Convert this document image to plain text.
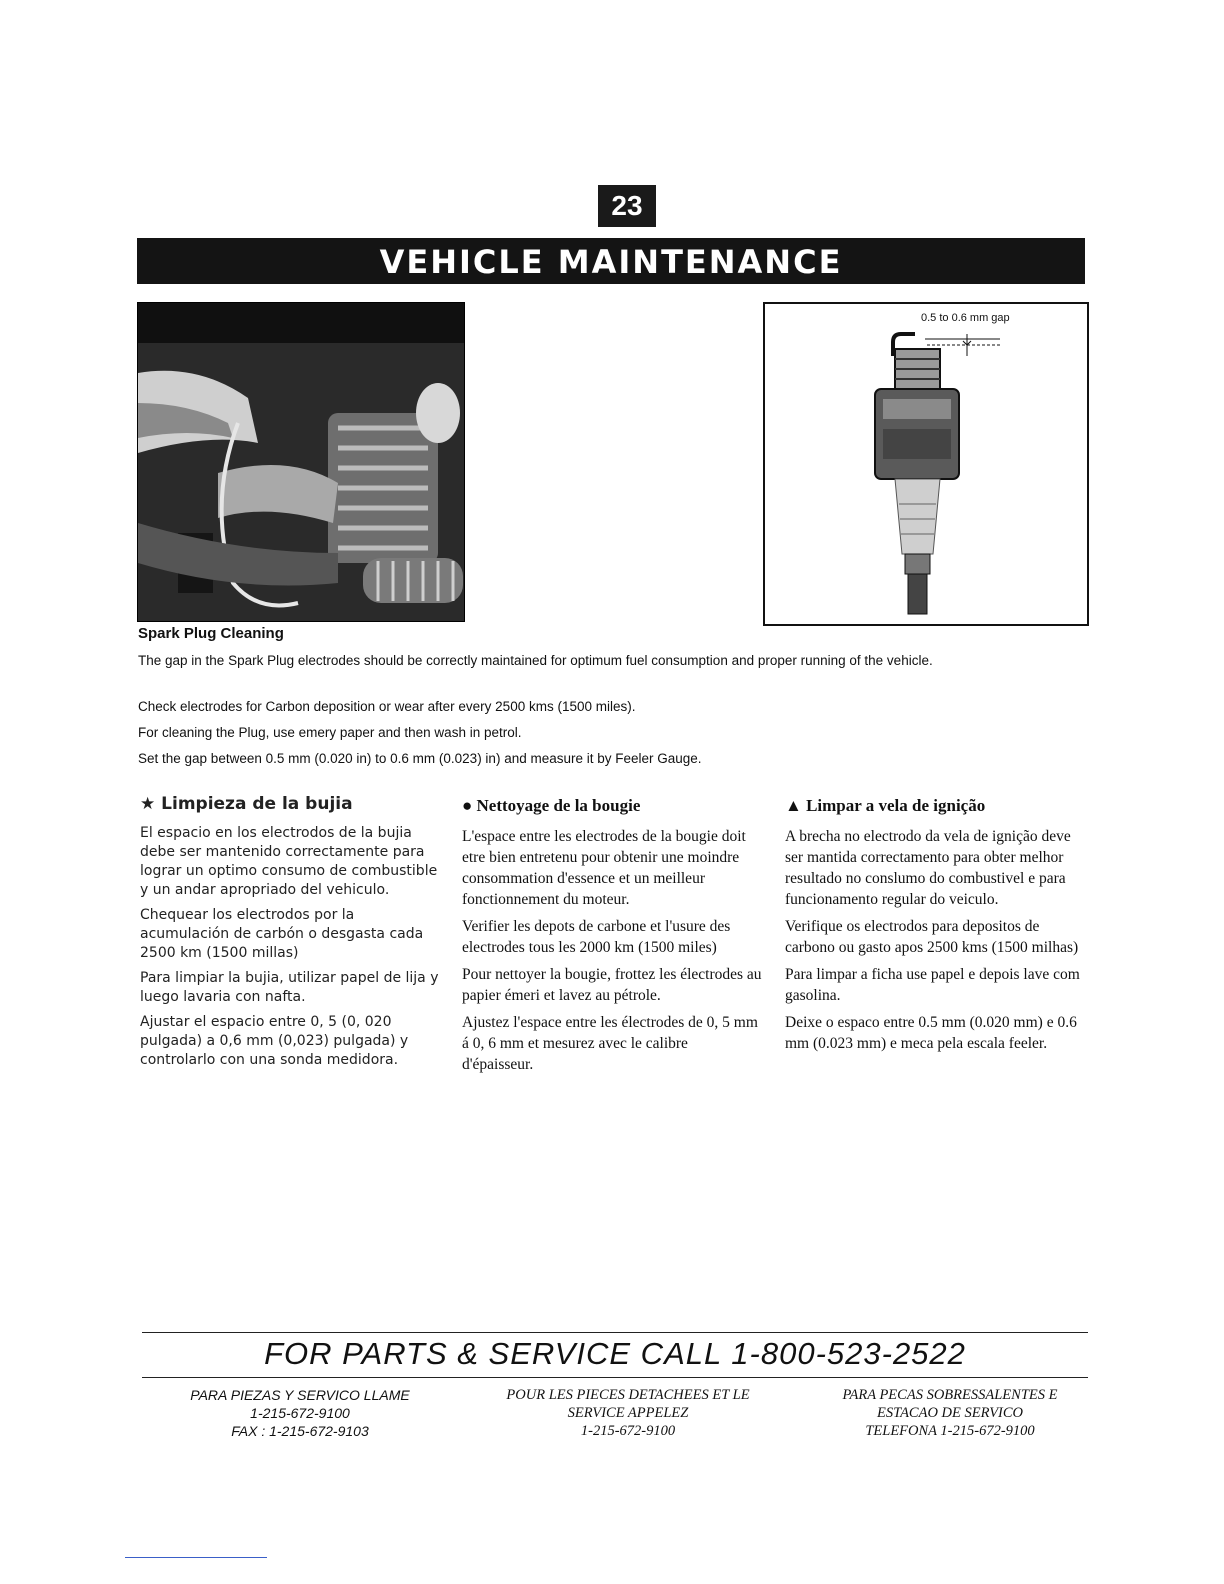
23
VEHICLE MAINTENANCE
0.5 to 0.6 mm gap
Spark Plug Cleaning
The gap in the Spark Plug electrodes should be correctly maintained for optimum fuel consumption and proper running of the vehicle.
Check electrodes for Carbon deposition or wear after every 2500 kms (1500 miles).
For cleaning the Plug, use emery paper and then wash in petrol.
Set the gap between 0.5 mm (0.020 in) to 0.6 mm (0.023) in) and measure it by Feeler Gauge.
★ Limpieza de la bujia

El espacio en los electrodos de la bujia debe ser mantenido correctamente para lograr un optimo consumo de combustible y un andar apropriado del vehiculo.

Chequear los electrodos por la acumulación de carbón o desgasta cada 2500 km (1500 millas)

Para limpiar la bujia, utilizar papel de lija y luego lavaria con nafta.

Ajustar el espacio entre 0, 5 (0, 020 pulgada) a 0,6 mm (0,023) pulgada) y controlarlo con una sonda medidora.

● Nettoyage de la bougie

L'espace entre les electrodes de la bougie doit etre bien entretenu pour obtenir une moindre consommation d'essence et un meilleur fonctionnement du moteur.

Verifier les depots de carbone et l'usure des electrodes tous les 2000 km (1500 miles)

Pour nettoyer la bougie, frottez les électrodes au papier émeri et lavez au pétrole.

Ajustez l'espace entre les électrodes de 0, 5 mm á 0, 6 mm et mesurez avec le calibre d'épaisseur.

▲ Limpar a vela de ignição

A brecha no electrodo da vela de ignição deve ser mantida correctamento para obter melhor resultado no conslumo do combustivel e para funcionamento regular do veiculo.

Verifique os electrodos para depositos de carbono ou gasto apos 2500 kms (1500 milhas)

Para limpar a ficha use papel e depois lave com gasolina.

Deixe o espaco entre 0.5 mm (0.020 mm) e 0.6 mm (0.023 mm) e meca pela escala feeler.

FOR PARTS & SERVICE CALL 1-800-523-2522
PARA PIEZAS Y SERVICO LLAME
1-215-672-9100
FAX : 1-215-672-9103
POUR LES PIECES DETACHEES ET LE
SERVICE APPELEZ
1-215-672-9100
PARA PECAS SOBRESSALENTES E
ESTACAO DE SERVICO
TELEFONA 1-215-672-9100
